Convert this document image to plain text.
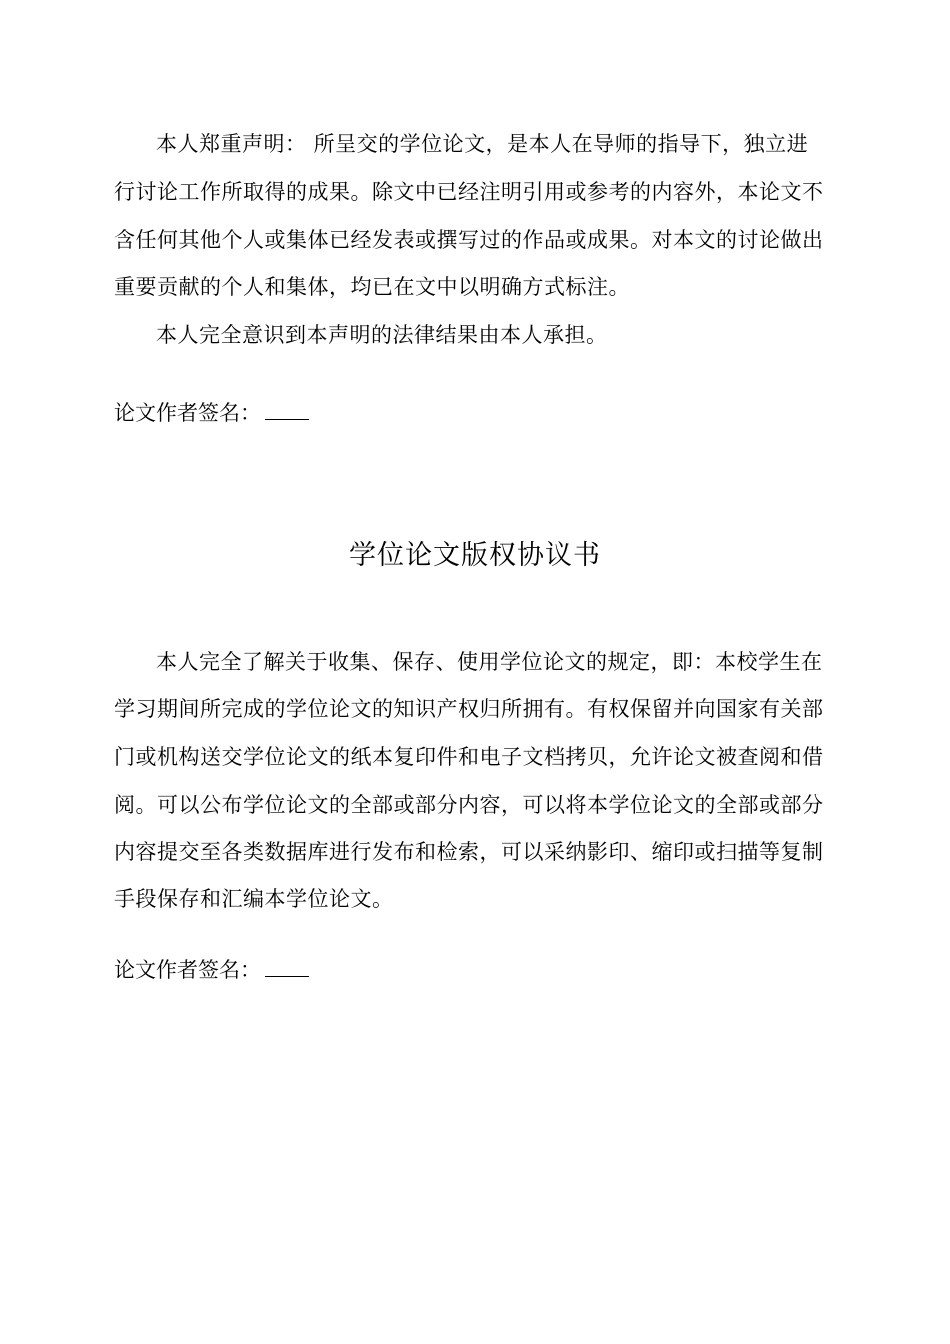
本人郑重声明： 所呈交的学位论文，是本人在导师的指导下，独立进
行讨论工作所取得的成果。除文中已经注明引用或参考的内容外，本论文不
含任何其他个人或集体已经发表或撰写过的作品或成果。对本文的讨论做出
重要贡献的个人和集体，均已在文中以明确方式标注。
本人完全意识到本声明的法律结果由本人承担。
论文作者签名：
学位论文版权协议书
本人完全了解关于收集、保存、使用学位论文的规定，即：本校学生在
学习期间所完成的学位论文的知识产权归所拥有。有权保留并向国家有关部
门或机构送交学位论文的纸本复印件和电子文档拷贝，允许论文被查阅和借
阅。可以公布学位论文的全部或部分内容，可以将本学位论文的全部或部分
内容提交至各类数据库进行发布和检索，可以采纳影印、缩印或扫描等复制
手段保存和汇编本学位论文。
论文作者签名：
